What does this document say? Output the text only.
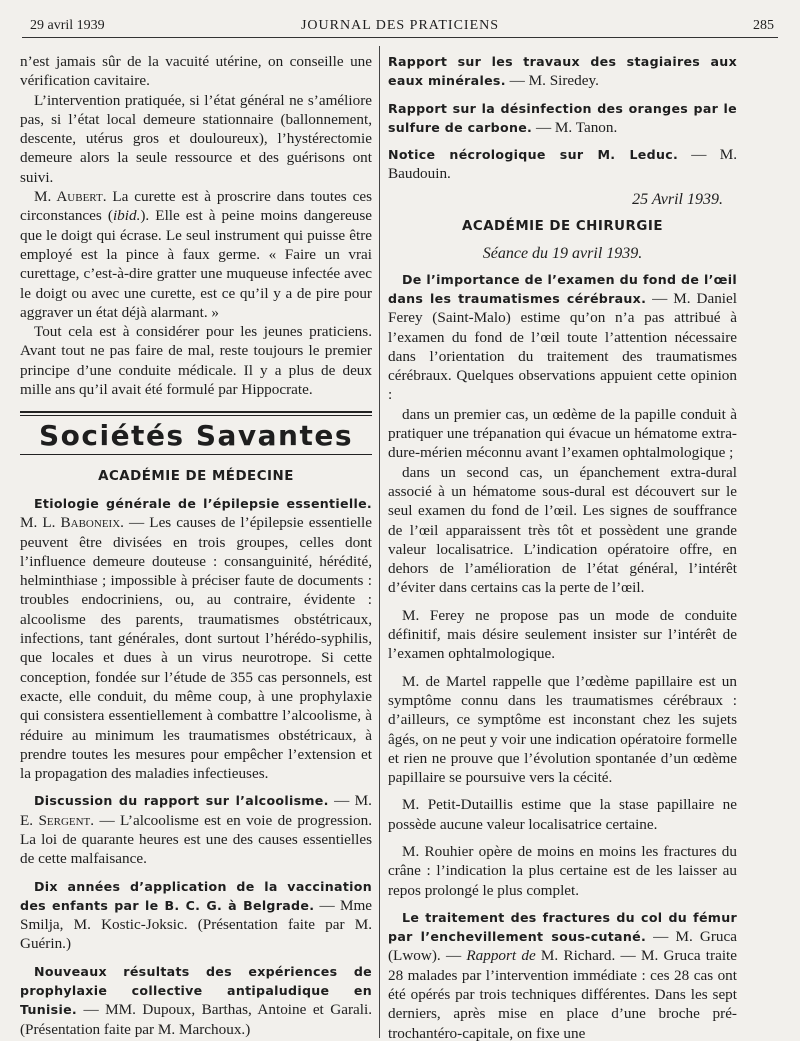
29 avril 1939	JOURNAL DES PRATICIENS	285

n’est jamais sûr de la vacuité utérine, on conseille une vérification cavitaire.

L’intervention pratiquée, si l’état général ne s’améliore pas, si l’état local demeure stationnaire (ballonnement, descente, utérus gros et douloureux), l’hystérectomie demeure alors la seule ressource et des guérisons ont suivi.

M. Aubert. La curette est à proscrire dans toutes ces circonstances (ibid.). Elle est à peine moins dangereuse que le doigt qui écrase. Le seul instrument qui puisse être employé est la pince à faux germe. « Faire un vrai curettage, c’est-à-dire gratter une muqueuse infectée avec le doigt ou avec une curette, est ce qu’il y a de pire pour aggraver un état déjà alarmant. »

Tout cela est à considérer pour les jeunes praticiens. Avant tout ne pas faire de mal, reste toujours le premier principe d’une conduite médicale. Il y a plus de deux mille ans qu’il avait été formulé par Hippocrate.

Sociétés Savantes
ACADÉMIE DE MÉDECINE

Etiologie générale de l’épilepsie essentielle. M. L. Baboneix. — Les causes de l’épilepsie essentielle peuvent être divisées en trois groupes, celles dont l’influence demeure douteuse : consanguinité, hérédité, helminthiase ; impossible à préciser faute de documents : troubles endocriniens, ou, au contraire, évidente : alcoolisme des parents, traumatismes obstétricaux, infections, tant générales, dont surtout l’hérédo-syphilis, que locales et dues à un virus neurotrope. Si cette conception, fondée sur l’étude de 355 cas personnels, est exacte, elle conduit, du même coup, à une prophylaxie qui consistera essentiellement à combattre l’alcoolisme, à réduire au minimum les traumatismes obstétricaux, à prendre toutes les mesures pour empêcher l’extension et la propagation des maladies infectieuses.

Discussion du rapport sur l’alcoolisme. — M. E. Sergent. — L’alcoolisme est en voie de progression. La loi de quarante heures est une des causes essentielles de cette malfaisance.

Dix années d’application de la vaccination des enfants par le B. C. G. à Belgrade. — Mme Smilja, M. Kostic-Joksic. (Présentation faite par M. Guérin.)

Nouveaux résultats des expériences de prophylaxie collective antipaludique en Tunisie. — MM. Dupoux, Barthas, Antoine et Garali. (Présentation faite par M. Marchoux.)

Rapport sur les travaux des stagiaires aux eaux minérales. — M. Siredey.

Rapport sur la désinfection des oranges par le sulfure de carbone. — M. Tanon.

Notice nécrologique sur M. Leduc. — M. Baudouin.

25 Avril 1939.
ACADÉMIE DE CHIRURGIE
Séance du 19 avril 1939.

De l’importance de l’examen du fond de l’œil dans les traumatismes cérébraux. — M. Daniel Ferey (Saint-Malo) estime qu’on n’a pas attribué à l’examen du fond de l’œil toute l’attention nécessaire dans l’orientation du traitement des traumatismes cérébraux. Quelques observations appuient cette opinion :

dans un premier cas, un œdème de la papille conduit à pratiquer une trépanation qui évacue un hématome extra-dure-mérien méconnu avant l’examen ophtalmologique ;

dans un second cas, un épanchement extra-dural associé à un hématome sous-dural est découvert sur le seul examen du fond de l’œil. Les signes de souffrance de l’œil apparaissent très tôt et possèdent une grande valeur localisatrice. L’indication opératoire offre, en dehors de l’amélioration de l’état général, l’intérêt d’éviter dans certains cas la perte de l’œil.

M. Ferey ne propose pas un mode de conduite définitif, mais désire seulement insister sur l’intérêt de l’examen ophtalmologique.

M. de Martel rappelle que l’œdème papillaire est un symptôme connu dans les traumatismes cérébraux : d’ailleurs, ce symptôme est inconstant chez les sujets âgés, on ne peut y voir une indication opératoire formelle et rien ne prouve que l’évolution spontanée d’un œdème papillaire se poursuive vers la cécité.

M. Petit-Dutaillis estime que la stase papillaire ne possède aucune valeur localisatrice certaine.

M. Rouhier opère de moins en moins les fractures du crâne : l’indication la plus certaine est de les laisser au repos prolongé le plus complet.

Le traitement des fractures du col du fémur par l’enchevillement sous-cutané. — M. Gruca (Lwow). — Rapport de M. Richard. — M. Gruca traite 28 malades par l’intervention immédiate : ces 28 cas ont été opérés par trois techniques différentes. Dans les sept derniers, après mise en place d’une broche pré-trochantéro-capitale, on fixe une
